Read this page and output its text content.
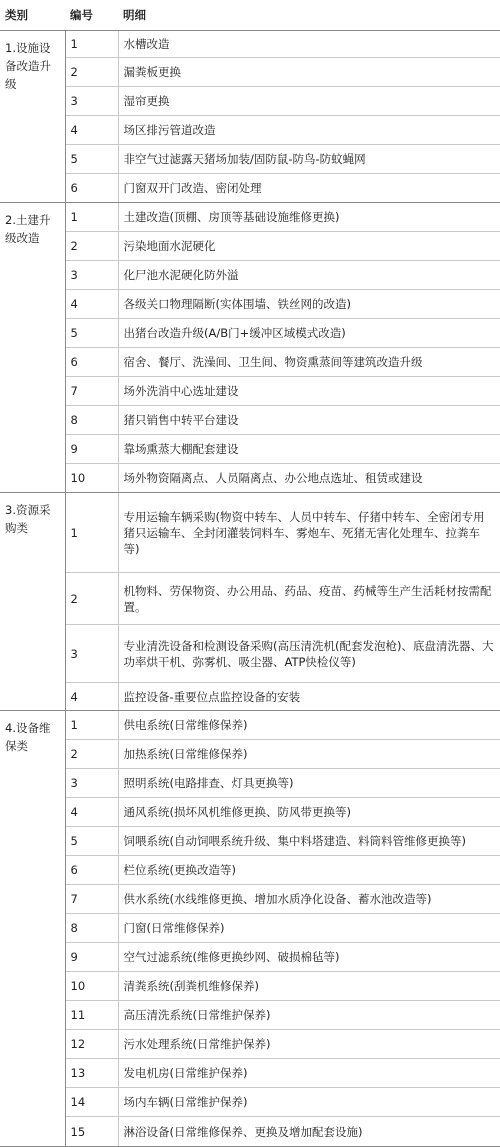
类别	编号	明细
1.设施设备改造升级	1	水槽改造
	2	漏粪板更换
	3	湿帘更换
	4	场区排污管道改造
	5	非空气过滤露天猪场加装/固防鼠-防鸟-防蚊蝇网
	6	门窗双开门改造、密闭处理
2.土建升级改造	1	土建改造(顶棚、房顶等基础设施维修更换)
	2	污染地面水泥硬化
	3	化尸池水泥硬化防外溢
	4	各级关口物理隔断(实体围墙、铁丝网的改造)
	5	出猪台改造升级(A/B门+缓冲区域模式改造)
	6	宿舍、餐厅、洗澡间、卫生间、物资熏蒸间等建筑改造升级
	7	场外洗消中心选址建设
	8	猪只销售中转平台建设
	9	靠场熏蒸大棚配套建设
	10	场外物资隔离点、人员隔离点、办公地点选址、租赁或建设
3.资源采购类	1	专用运输车辆采购(物资中转车、人员中转车、仔猪中转车、全密闭专用猪只运输车、全封闭灌装饲料车、雾炮车、死猪无害化处理车、拉粪车等)
	2	机物料、劳保物资、办公用品、药品、疫苗、药械等生产生活耗材按需配置。
	3	专业清洗设备和检测设备采购(高压清洗机(配套发泡枪)、底盘清洗器、大功率烘干机、弥雾机、吸尘器、ATP快检仪等)
	4	监控设备-重要位点监控设备的安装
4.设备维保类	1	供电系统(日常维修保养)
	2	加热系统(日常维修保养)
	3	照明系统(电路排查、灯具更换等)
	4	通风系统(损坏风机维修更换、防风带更换等)
	5	饲喂系统(自动饲喂系统升级、集中料塔建造、料筒料管维修更换等)
	6	栏位系统(更换改造等)
	7	供水系统(水线维修更换、增加水质净化设备、蓄水池改造等)
	8	门窗(日常维修保养)
	9	空气过滤系统(维修更换纱网、破损棉毡等)
	10	清粪系统(刮粪机维修保养)
	11	高压清洗系统(日常维护保养)
	12	污水处理系统(日常维护保养)
	13	发电机房(日常维护保养)
	14	场内车辆(日常维护保养)
	15	淋浴设备(日常维修保养、更换及增加配套设施)
